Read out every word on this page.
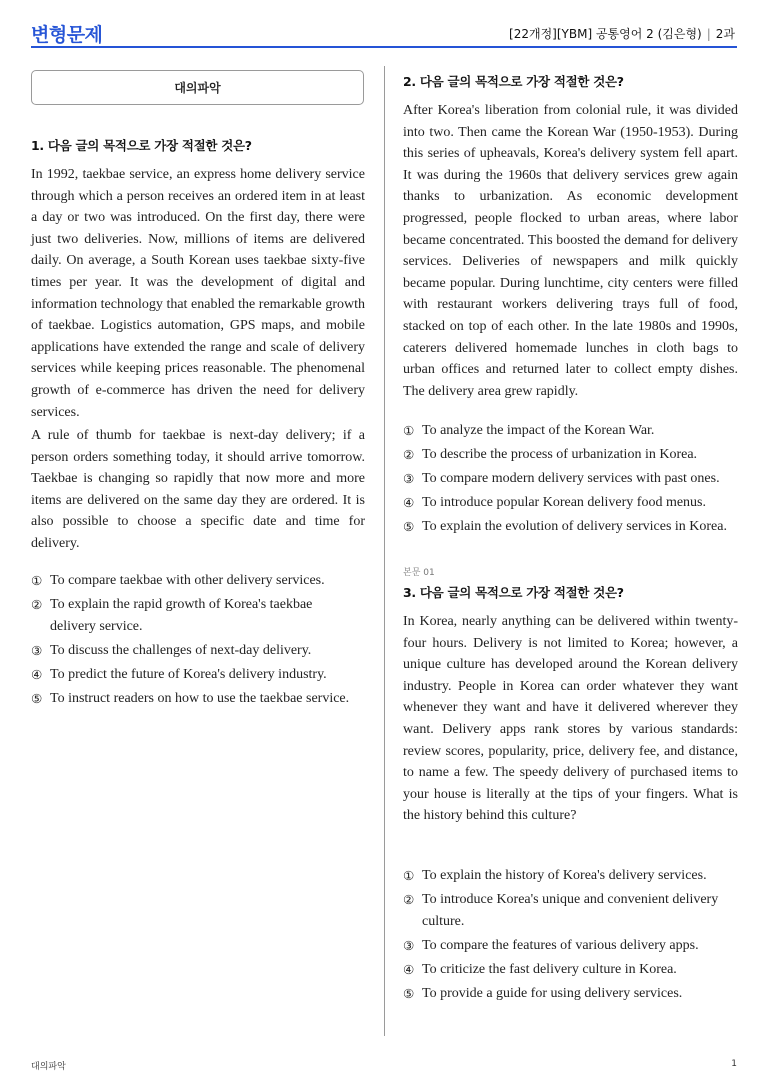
변형문제	[22개정][YBM] 공통영어 2 (김은형) | 2과
대의파악
1. 다음 글의 목적으로 가장 적절한 것은?

In 1992, taekbae service, an express home delivery service through which a person receives an ordered item in at least a day or two was introduced. On the first day, there were just two deliveries. Now, millions of items are delivered daily. On average, a South Korean uses taekbae sixty-five times per year. It was the development of digital and information technology that enabled the remarkable growth of taekbae. Logistics automation, GPS maps, and mobile applications have extended the range and scale of delivery services while keeping prices reasonable. The phenomenal growth of e-commerce has driven the need for delivery services.

A rule of thumb for taekbae is next-day delivery; if a person orders something today, it should arrive tomorrow. Taekbae is changing so rapidly that now more and more items are delivered on the same day they are ordered. It is also possible to choose a specific date and time for delivery.

① To compare taekbae with other delivery services.
② To explain the rapid growth of Korea's taekbae delivery service.
③ To discuss the challenges of next-day delivery.
④ To predict the future of Korea's delivery industry.
⑤ To instruct readers on how to use the taekbae service.
2. 다음 글의 목적으로 가장 적절한 것은?

After Korea's liberation from colonial rule, it was divided into two. Then came the Korean War (1950-1953). During this series of upheavals, Korea's delivery system fell apart. It was during the 1960s that delivery services grew again thanks to urbanization. As economic development progressed, people flocked to urban areas, where labor became concentrated. This boosted the demand for delivery services. Deliveries of newspapers and milk quickly became popular. During lunchtime, city centers were filled with restaurant workers delivering trays full of food, stacked on top of each other. In the late 1980s and 1990s, caterers delivered homemade lunches in cloth bags to urban offices and returned later to collect empty dishes. The delivery area grew rapidly.

① To analyze the impact of the Korean War.
② To describe the process of urbanization in Korea.
③ To compare modern delivery services with past ones.
④ To introduce popular Korean delivery food menus.
⑤ To explain the evolution of delivery services in Korea.
본문 01
3. 다음 글의 목적으로 가장 적절한 것은?

In Korea, nearly anything can be delivered within twenty-four hours. Delivery is not limited to Korea; however, a unique culture has developed around the Korean delivery industry. People in Korea can order whatever they want whenever they want and have it delivered wherever they want. Delivery apps rank stores by various standards: review scores, popularity, price, delivery fee, and distance, to name a few. The speedy delivery of purchased items to your house is literally at the tips of your fingers. What is the history behind this culture?

① To explain the history of Korea's delivery services.
② To introduce Korea's unique and convenient delivery culture.
③ To compare the features of various delivery apps.
④ To criticize the fast delivery culture in Korea.
⑤ To provide a guide for using delivery services.
대의파악	1
